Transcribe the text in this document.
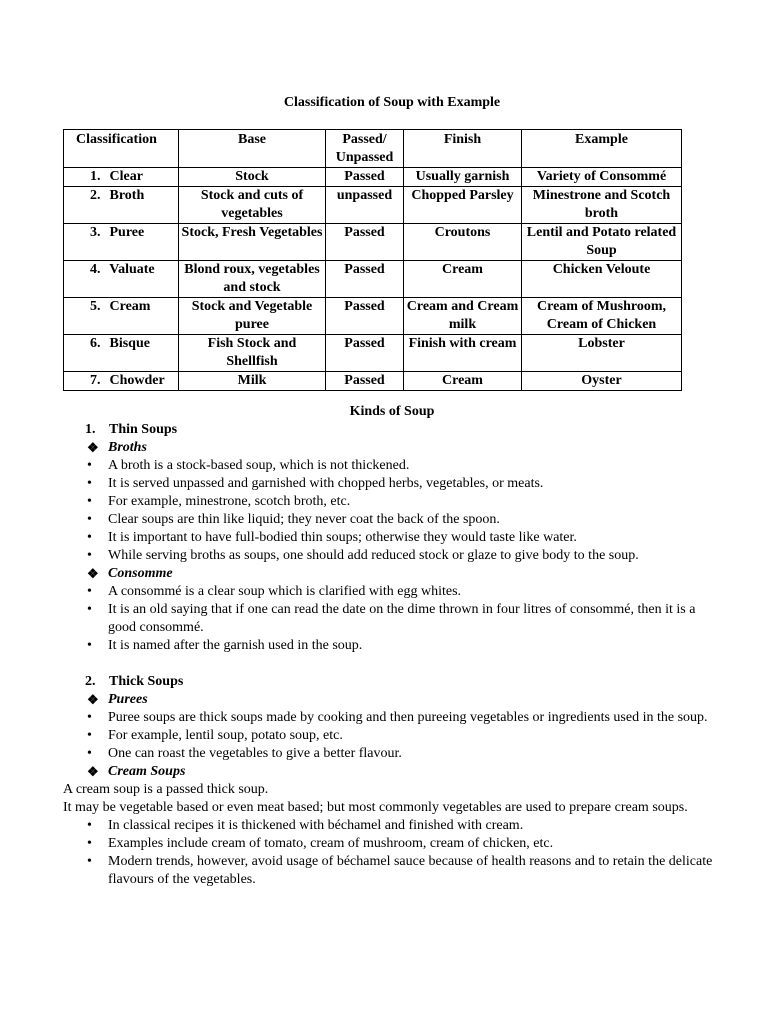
Classification of Soup with Example
Classification	Base	Passed/ Unpassed	Finish	Example
1. Clear	Stock	Passed	Usually garnish	Variety of Consommé
2. Broth	Stock and cuts of vegetables	unpassed	Chopped Parsley	Minestrone and Scotch broth
3. Puree	Stock, Fresh Vegetables	Passed	Croutons	Lentil and Potato related Soup
4. Valuate	Blond roux, vegetables and stock	Passed	Cream	Chicken Veloute
5. Cream	Stock and Vegetable puree	Passed	Cream and Cream milk	Cream of Mushroom, Cream of Chicken
6. Bisque	Fish Stock and Shellfish	Passed	Finish with cream	Lobster
7. Chowder	Milk	Passed	Cream	Oyster
Kinds of Soup
1. Thin Soups
❖ Broths
• A broth is a stock-based soup, which is not thickened.
• It is served unpassed and garnished with chopped herbs, vegetables, or meats.
• For example, minestrone, scotch broth, etc.
• Clear soups are thin like liquid; they never coat the back of the spoon.
• It is important to have full-bodied thin soups; otherwise they would taste like water.
• While serving broths as soups, one should add reduced stock or glaze to give body to the soup.
❖ Consomme
• A consommé is a clear soup which is clarified with egg whites.
• It is an old saying that if one can read the date on the dime thrown in four litres of consommé, then it is a good consommé.
• It is named after the garnish used in the soup.
2. Thick Soups
❖ Purees
• Puree soups are thick soups made by cooking and then pureeing vegetables or ingredients used in the soup.
• For example, lentil soup, potato soup, etc.
• One can roast the vegetables to give a better flavour.
❖ Cream Soups
A cream soup is a passed thick soup.
It may be vegetable based or even meat based; but most commonly vegetables are used to prepare cream soups.
• In classical recipes it is thickened with béchamel and finished with cream.
• Examples include cream of tomato, cream of mushroom, cream of chicken, etc.
• Modern trends, however, avoid usage of béchamel sauce because of health reasons and to retain the delicate flavours of the vegetables.
